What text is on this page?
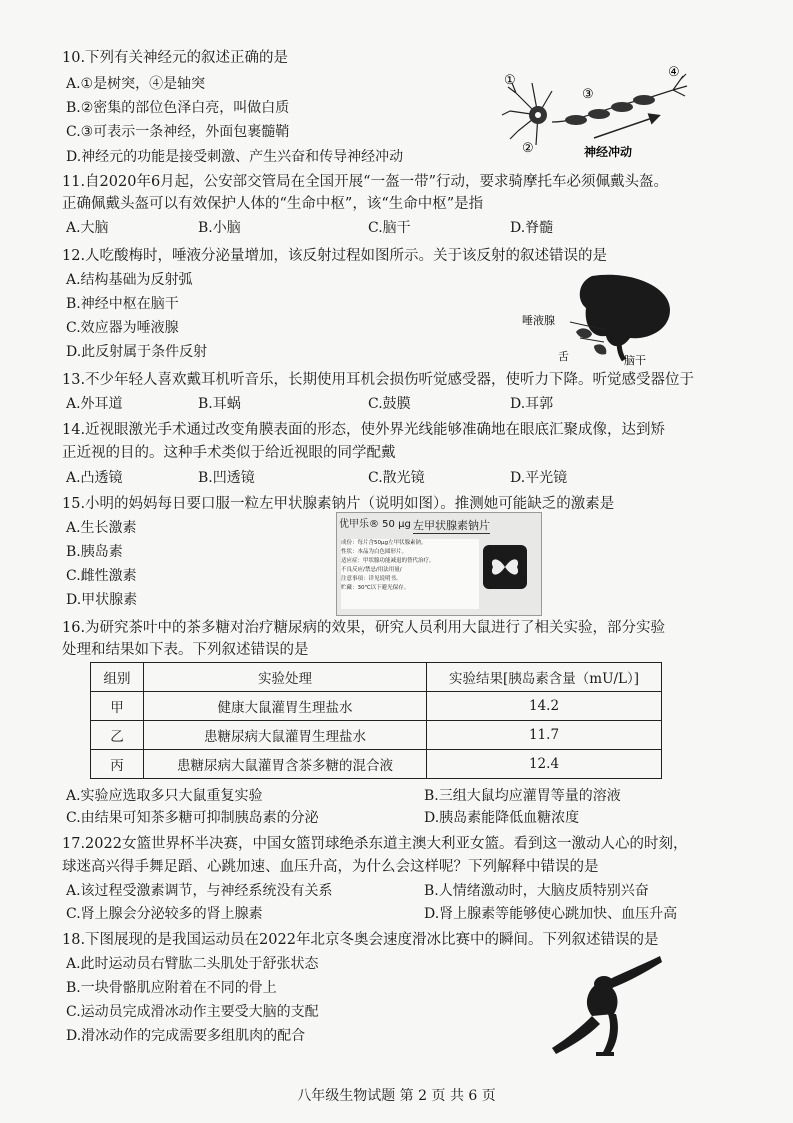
10.下列有关神经元的叙述正确的是
A.①是树突，④是轴突
B.②密集的部位色泽白亮，叫做白质
C.③可表示一条神经，外面包裹髓鞘
D.神经元的功能是接受刺激、产生兴奋和传导神经冲动
①
②
③
④
神经冲动
11.自2020年6月起，公安部交管局在全国开展“一盔一带”行动，要求骑摩托车必须佩戴头盔。
正确佩戴头盔可以有效保护人体的“生命中枢”，该“生命中枢”是指
A.大脑	B.小脑	C.脑干	D.脊髓
12.人吃酸梅时，唾液分泌量增加，该反射过程如图所示。关于该反射的叙述错误的是
A.结构基础为反射弧
B.神经中枢在脑干
C.效应器为唾液腺
D.此反射属于条件反射
唾液腺
舌	脑干
13.不少年轻人喜欢戴耳机听音乐，长期使用耳机会损伤听觉感受器，使听力下降。听觉感受器位于
A.外耳道	B.耳蜗	C.鼓膜	D.耳郭
14.近视眼激光手术通过改变角膜表面的形态，使外界光线能够准确地在眼底汇聚成像，达到矫
正近视的目的。这种手术类似于给近视眼的同学配戴
A.凸透镜	B.凹透镜	C.散光镜	D.平光镜
15.小明的妈妈每日要口服一粒左甲状腺素钠片（说明如图）。推测她可能缺乏的激素是
A.生长激素
B.胰岛素
C.雌性激素
D.甲状腺素
优甲乐® 50 μg 左甲状腺素钠片
成份：每片含50μg左甲状腺素钠。
性状：本品为白色圆形片。
适应症：甲状腺功能减退的替代治疗。
不良反应/禁忌/用法用量/
注意事项：详见说明书。
贮藏：30℃以下避光保存。
16.为研究茶叶中的茶多糖对治疗糖尿病的效果，研究人员利用大鼠进行了相关实验，部分实验
处理和结果如下表。下列叙述错误的是
组别	实验处理	实验结果[胰岛素含量（mU/L）]
甲	健康大鼠灌胃生理盐水	14.2
乙	患糖尿病大鼠灌胃生理盐水	11.7
丙	患糖尿病大鼠灌胃含茶多糖的混合液	12.4
A.实验应选取多只大鼠重复实验	B.三组大鼠均应灌胃等量的溶液
C.由结果可知茶多糖可抑制胰岛素的分泌	D.胰岛素能降低血糖浓度
17.2022女篮世界杯半决赛，中国女篮罚球绝杀东道主澳大利亚女篮。看到这一激动人心的时刻，
球迷高兴得手舞足蹈、心跳加速、血压升高，为什么会这样呢？下列解释中错误的是
A.该过程受激素调节，与神经系统没有关系	B.人情绪激动时，大脑皮质特别兴奋
C.肾上腺会分泌较多的肾上腺素	D.肾上腺素等能够使心跳加快、血压升高
18.下图展现的是我国运动员在2022年北京冬奥会速度滑冰比赛中的瞬间。下列叙述错误的是
A.此时运动员右臂肱二头肌处于舒张状态
B.一块骨骼肌应附着在不同的骨上
C.运动员完成滑冰动作主要受大脑的支配
D.滑冰动作的完成需要多组肌肉的配合
八年级生物试题 第 2 页 共 6 页
